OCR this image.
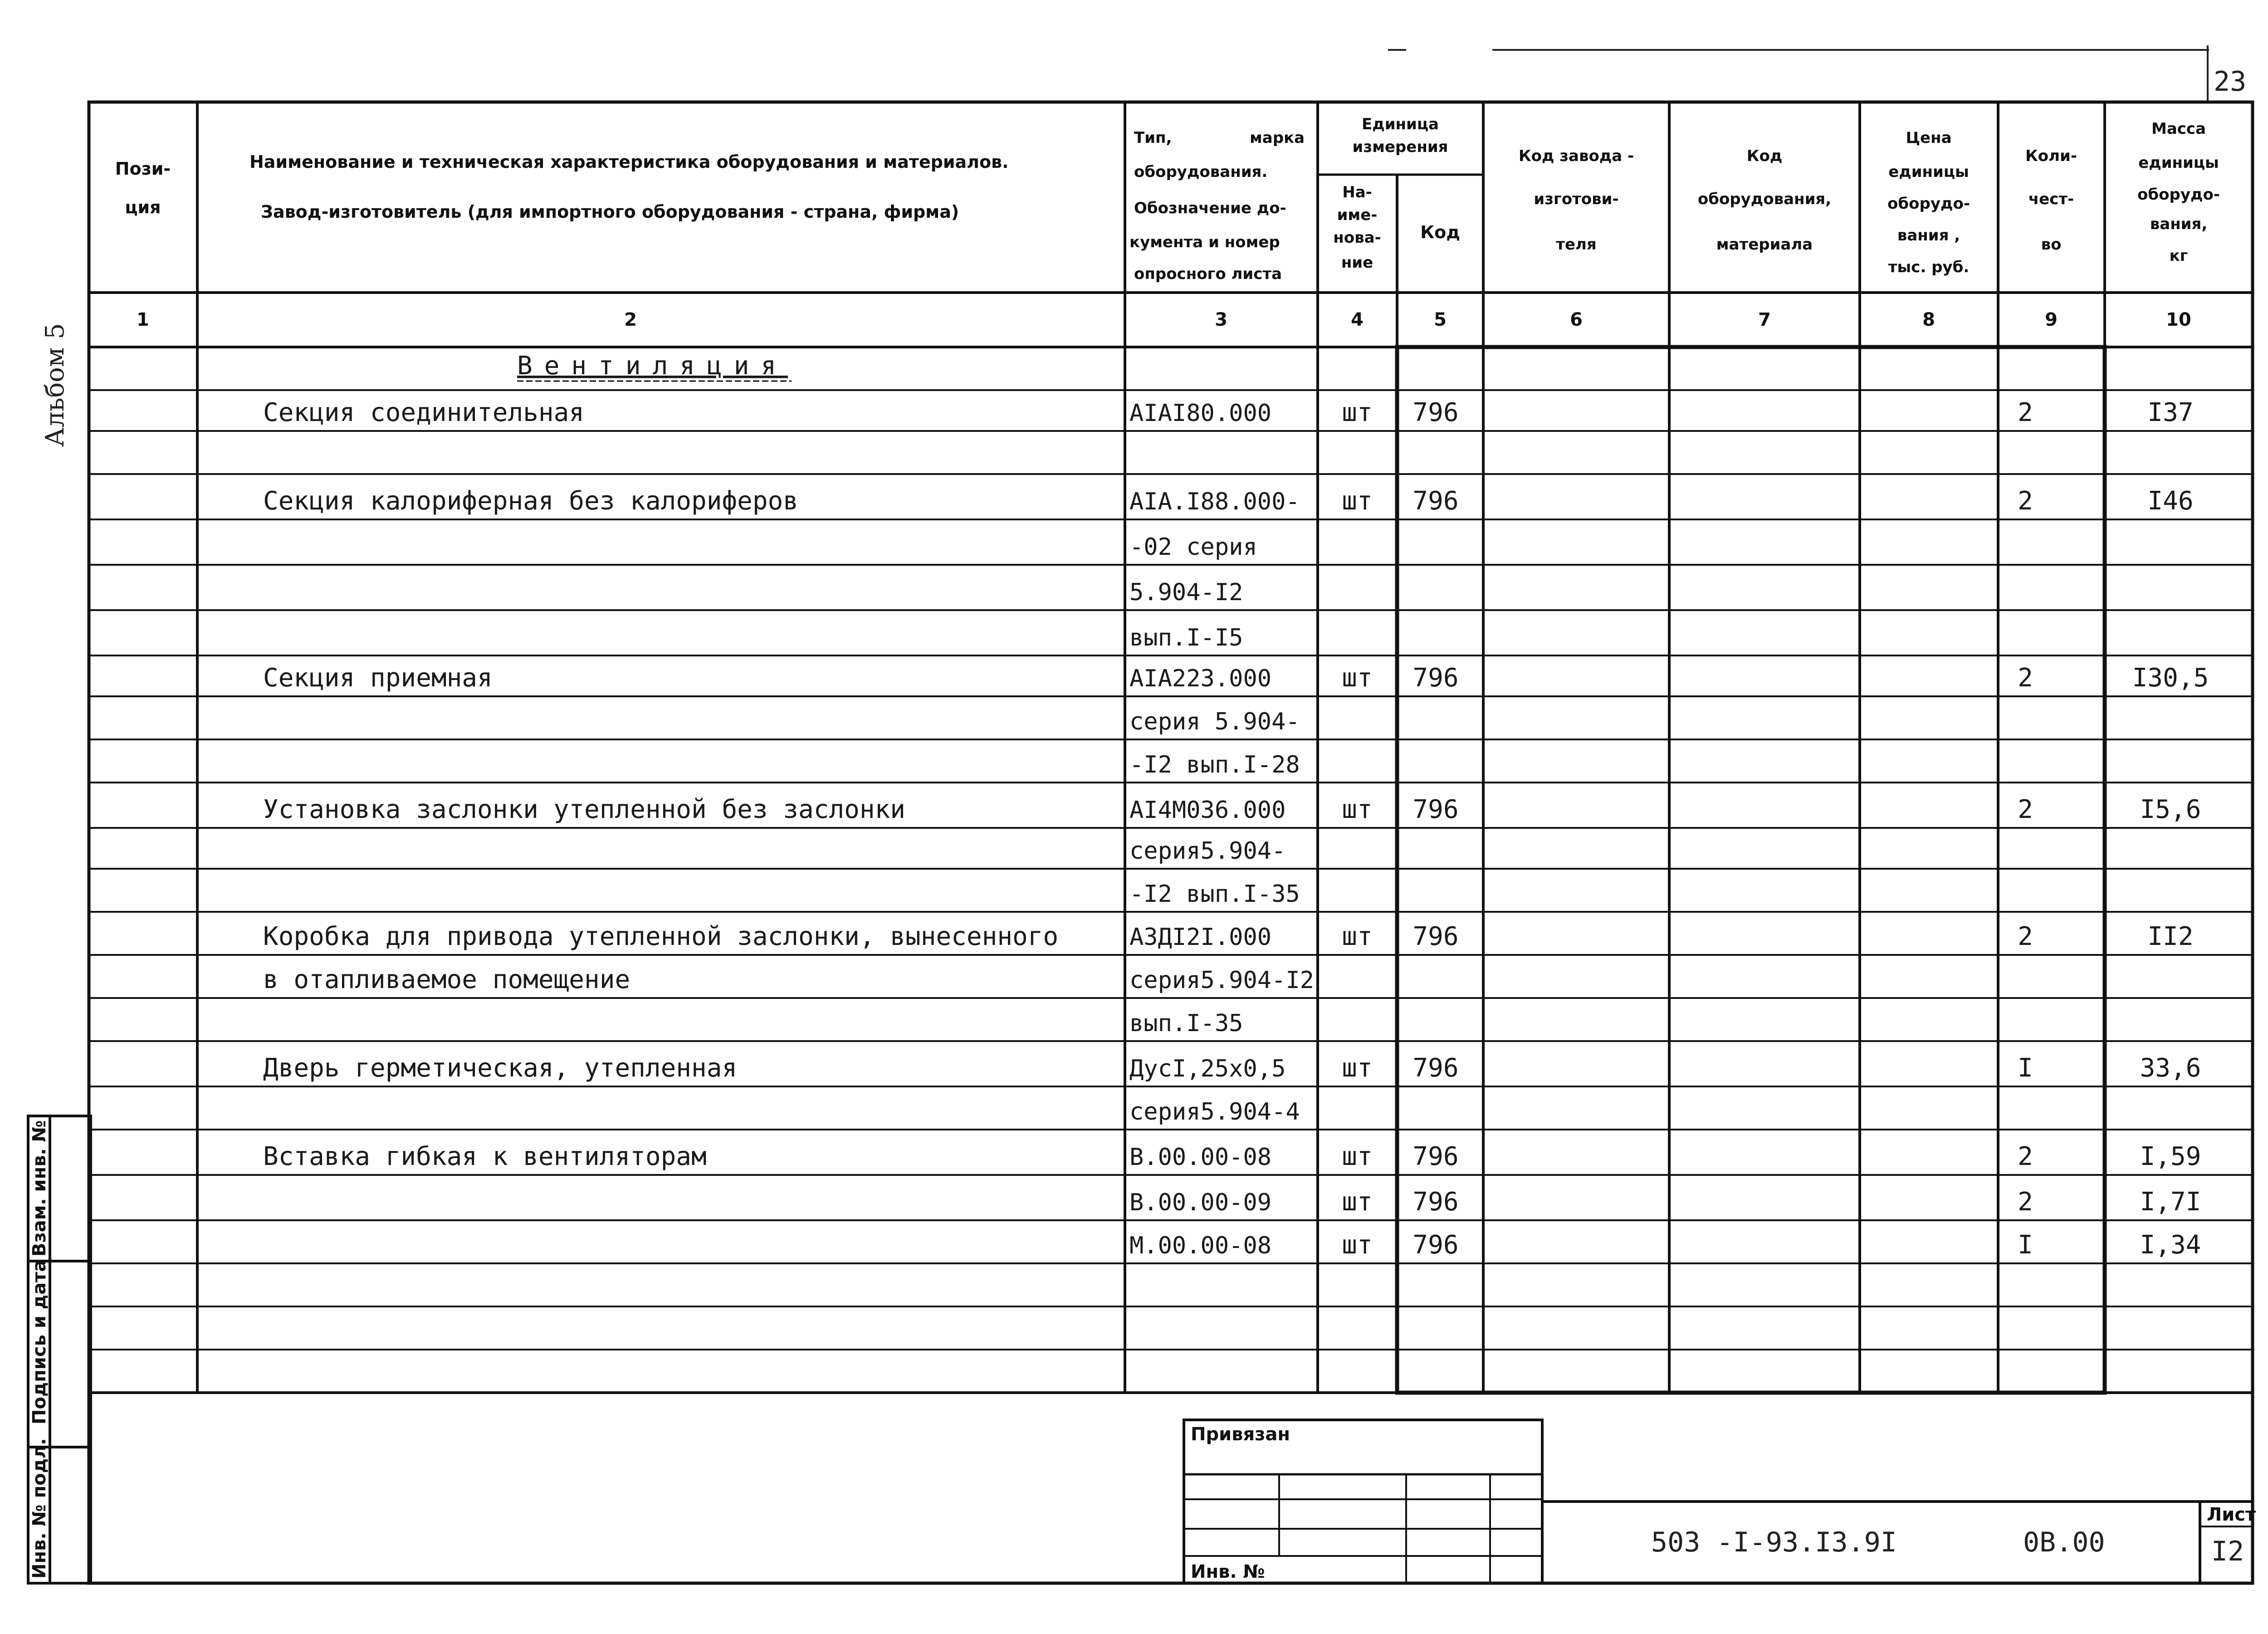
23
Альбом 5
Взам. инв. №
Подпись и дата
Инв. № подл.
Пози-
ция
Наименование и техническая характеристика оборудования и материалов.
Завод-изготовитель (для импортного оборудования - страна, фирма)
Тип,	марка
оборудования.
Обозначение до-
кумента и номер
опросного листа
Единица
измерения
На-
име-
нова-
ние
Код
Код завода -
изготови-
теля
Код
оборудования,
материала
Цена
единицы
оборудо-
вания ,
тыс. руб.
Коли-
чест-
во
Масса
единицы
оборудо-
вания,
кг
1	2	3	4	5	6	7	8	9	10
Вентиляция
Секция соединительная	AIAI80.000	шт 796	2	I37
Секция калориферная без калориферов	AIA.I88.000- шт 796	2	I46
-02 серия
5.904-I2
вып.I-I5
Секция приемная	AIA223.000	шт 796	2	I30,5
серия 5.904-
-I2 вып.I-28
Установка заслонки утепленной без заслонки	AI4M036.000 шт 796	2	I5,6
серия5.904-
-I2 вып.I-35
Коробка для привода утепленной заслонки, вынесенного	АЗДI2I.000	шт 796	2	II2
в отапливаемое помещение	серия5.904-I2
вып.I-35
Дверь герметическая, утепленная	ДусI,25x0,5 шт 796	I	33,6
серия5.904-4
Вставка гибкая к вентиляторам	B.00.00-08	шт 796	2	I,59
B.00.00-09	шт 796	2	I,7I
M.00.00-08	шт 796	I	I,34
Привязан
Инв. №
503 -I-93.I3.9I	0B.00
Лист
I2
